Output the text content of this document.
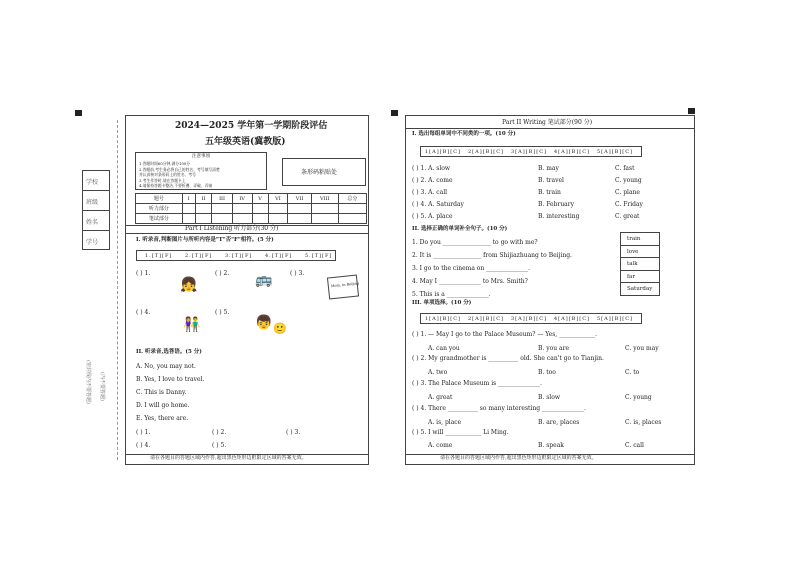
学校
班级
姓名
学号
(密封线内不要答题) (内不要答题)
2024—2025 学年第一学期阶段评估
五年级英语(冀教版)
注意事项
1.答题时间60分钟,满分100分
2.答题前,考生务必将自己的姓名、考号填写清楚
并认真核对条形码上的姓名、考号
3.考生作答时,请在答题卡上
4.请保持答题卡整洁,不要折叠、弄破、弄皱
条形码粘贴处
题号	I	II	III	IV	V	VI	VII	VIII	总分
听力部分									
笔试部分									
Part I Listening 听力部分(30 分)
I. 听录音,判断图片与所听内容是"T"否"F"相符。(5 分)
1.[T][F]	2.[T][F]	3.[T][F]	4.[T][F]	5.[T][F]
( ) 1.	( ) 2.	( ) 3.
👧	🚌	Mom, to Beijing
( ) 4.	( ) 5.
👫	👦 🙂
II. 听录音,选答语。(5 分)
A. No, you may not.
B. Yes, I love to travel.
C. This is Danny.
D. I will go home.
E. Yes, there are.
( ) 1.	( ) 2.	( ) 3.
( ) 4.	( ) 5.
请在各题目的答题区域内作答,超出黑色矩形边框限定区域的答案无效。
Part II Writing 笔试部分(90 分)
I. 选出每组单词中不同类的一项。(10 分)
1[A][B][C] 2[A][B][C] 3[A][B][C] 4[A][B][C] 5[A][B][C]
( ) 1. A. slow	B. may	C. fast
( ) 2. A. come	B. travel	C. young
( ) 3. A. call	B. train	C. plane
( ) 4. A. Saturday	B. February	C. Friday
( ) 5. A. place	B. interesting	C. great
II. 选择正确的单词补全句子。(10 分)
1. Do you ________________ to go with me?
2. It is ________________ from Shijiazhuang to Beijing.
3. I go to the cinema on ______________.
4. May I ______________ to Mrs. Smith?
5. This is a ______________.
train
love
talk
far
Saturday
III. 单项选择。(10 分)
1[A][B][C] 2[A][B][C] 3[A][B][C] 4[A][B][C] 5[A][B][C]
( ) 1. — May I go to the Palace Museum? — Yes, ____________.
A. can you	B. you are	C. you may
( ) 2. My grandmother is __________ old. She can't go to Tianjin.
A. two	B. too	C. to
( ) 3. The Palace Museum is ______________.
A. great	B. slow	C. young
( ) 4. There __________ so many interesting ______________.
A. is, place	B. are, places	C. is, places
( ) 5. I will ____________ Li Ming.
A. come	B. speak	C. call
请在各题目的答题区域内作答,超出黑色矩形边框限定区域的答案无效。
